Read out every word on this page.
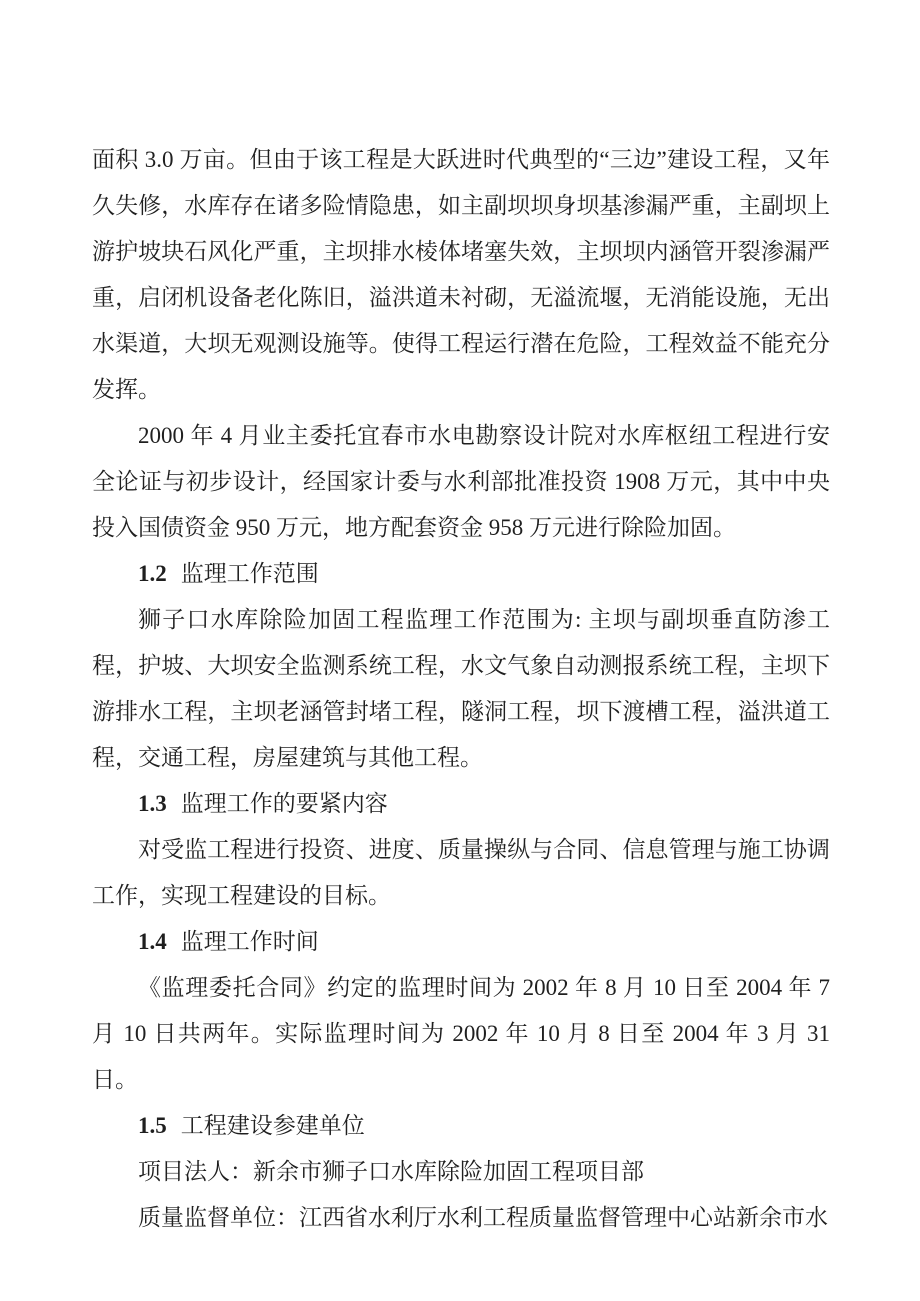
面积 3.0 万亩。但由于该工程是大跃进时代典型的“三边”建设工程，又年久失修，水库存在诸多险情隐患，如主副坝坝身坝基渗漏严重，主副坝上游护坡块石风化严重，主坝排水棱体堵塞失效，主坝坝内涵管开裂渗漏严重，启闭机设备老化陈旧，溢洪道未衬砌，无溢流堰，无消能设施，无出水渠道，大坝无观测设施等。使得工程运行潜在危险，工程效益不能充分发挥。

2000 年 4 月业主委托宜春市水电勘察设计院对水库枢纽工程进行安全论证与初步设计，经国家计委与水利部批准投资 1908 万元，其中中央投入国债资金 950 万元，地方配套资金 958 万元进行除险加固。

1.2 监理工作范围

狮子口水库除险加固工程监理工作范围为: 主坝与副坝垂直防渗工程，护坡、大坝安全监测系统工程，水文气象自动测报系统工程，主坝下游排水工程，主坝老涵管封堵工程，隧洞工程，坝下渡槽工程，溢洪道工程，交通工程，房屋建筑与其他工程。

1.3 监理工作的要紧内容

对受监工程进行投资、进度、质量操纵与合同、信息管理与施工协调工作，实现工程建设的目标。

1.4 监理工作时间

《监理委托合同》约定的监理时间为 2002 年 8 月 10 日至 2004 年 7 月 10 日共两年。实际监理时间为 2002 年 10 月 8 日至 2004 年 3 月 31 日。

1.5 工程建设参建单位

项目法人：新余市狮子口水库除险加固工程项目部

质量监督单位：江西省水利厅水利工程质量监督管理中心站新余市水
